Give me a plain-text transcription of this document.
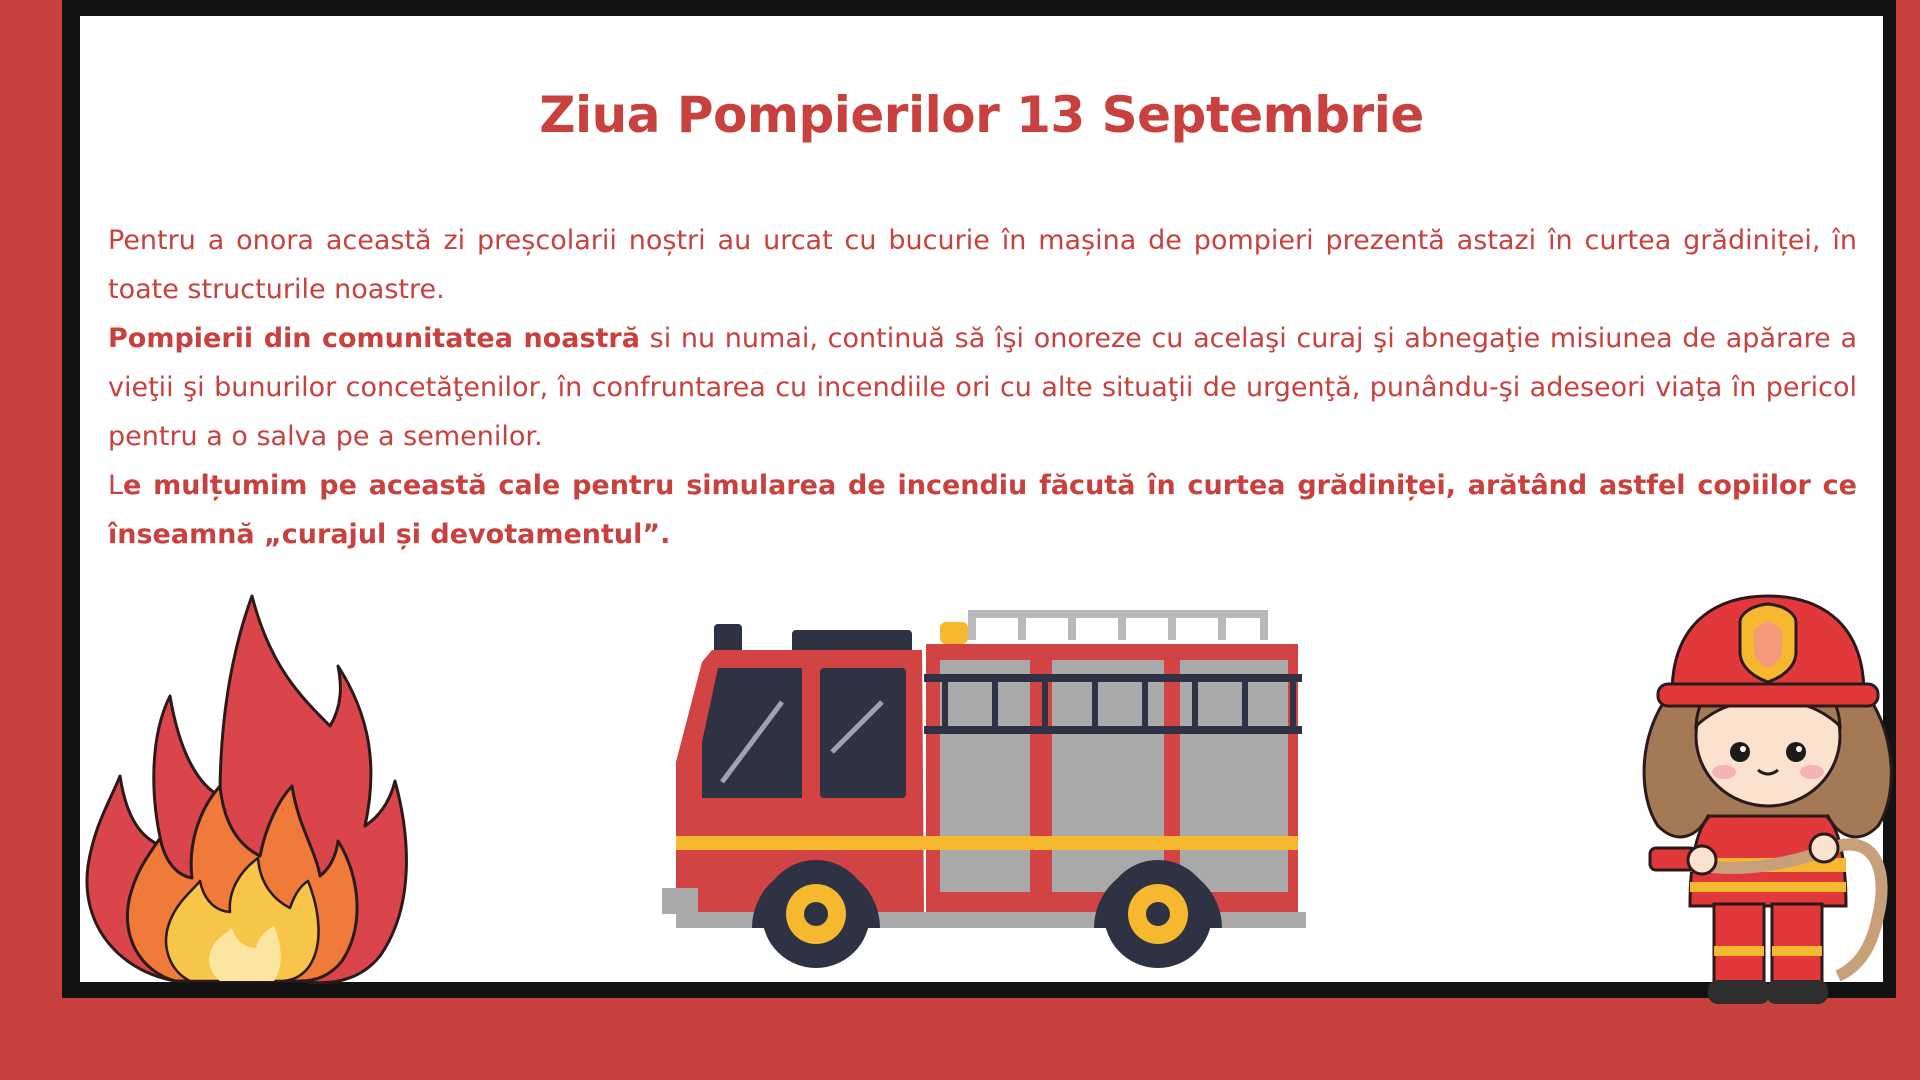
Ziua Pompierilor 13 Septembrie

Pentru a onora această zi preșcolarii noștri au urcat cu bucurie în mașina de pompieri prezentă astazi în curtea grădiniței, în toate structurile noastre.

Pompierii din comunitatea noastră si nu numai, continuă să îşi onoreze cu acelaşi curaj şi abnegaţie misiunea de apărare a vieţii şi bunurilor concetăţenilor, în confruntarea cu incendiile ori cu alte situaţii de urgenţă, punându-şi adeseori viaţa în pericol pentru a o salva pe a semenilor.

Le mulțumim pe această cale pentru simularea de incendiu făcută în curtea grădiniței, arătând astfel copiilor ce înseamnă „curajul și devotamentul”.
